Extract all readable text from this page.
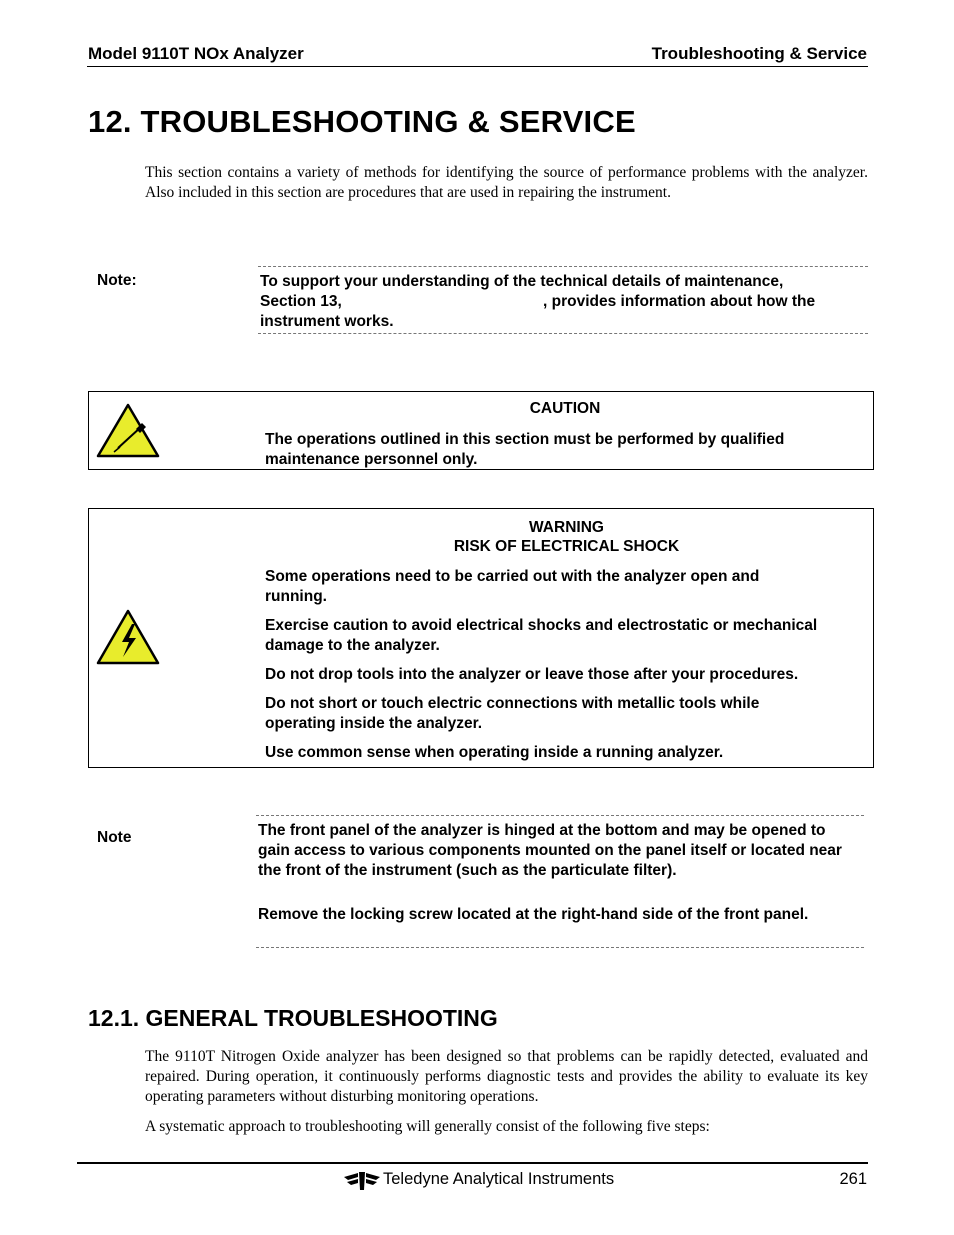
Model 9110T NOx Analyzer	Troubleshooting & Service
12. TROUBLESHOOTING & SERVICE

This section contains a variety of methods for identifying the source of performance problems with the analyzer. Also included in this section are procedures that are used in repairing the instrument.

Note:	To support your understanding of the technical details of maintenance,
Section 13,	, provides information about how the
instrument works.
CAUTION

The operations outlined in this section must be performed by qualified maintenance personnel only.

WARNING
RISK OF ELECTRICAL SHOCK

Some operations need to be carried out with the analyzer open and running.

Exercise caution to avoid electrical shocks and electrostatic or mechanical damage to the analyzer.

Do not drop tools into the analyzer or leave those after your procedures.

Do not short or touch electric connections with metallic tools while operating inside the analyzer.

Use common sense when operating inside a running analyzer.

Note	The front panel of the analyzer is hinged at the bottom and may be opened to gain access to various components mounted on the panel itself or located near the front of the instrument (such as the particulate filter).

Remove the locking screw located at the right-hand side of the front panel.

12.1. GENERAL TROUBLESHOOTING

The 9110T Nitrogen Oxide analyzer has been designed so that problems can be rapidly detected, evaluated and repaired. During operation, it continuously performs diagnostic tests and provides the ability to evaluate its key operating parameters without disturbing monitoring operations.

A systematic approach to troubleshooting will generally consist of the following five steps:

Teledyne Analytical Instruments	261
